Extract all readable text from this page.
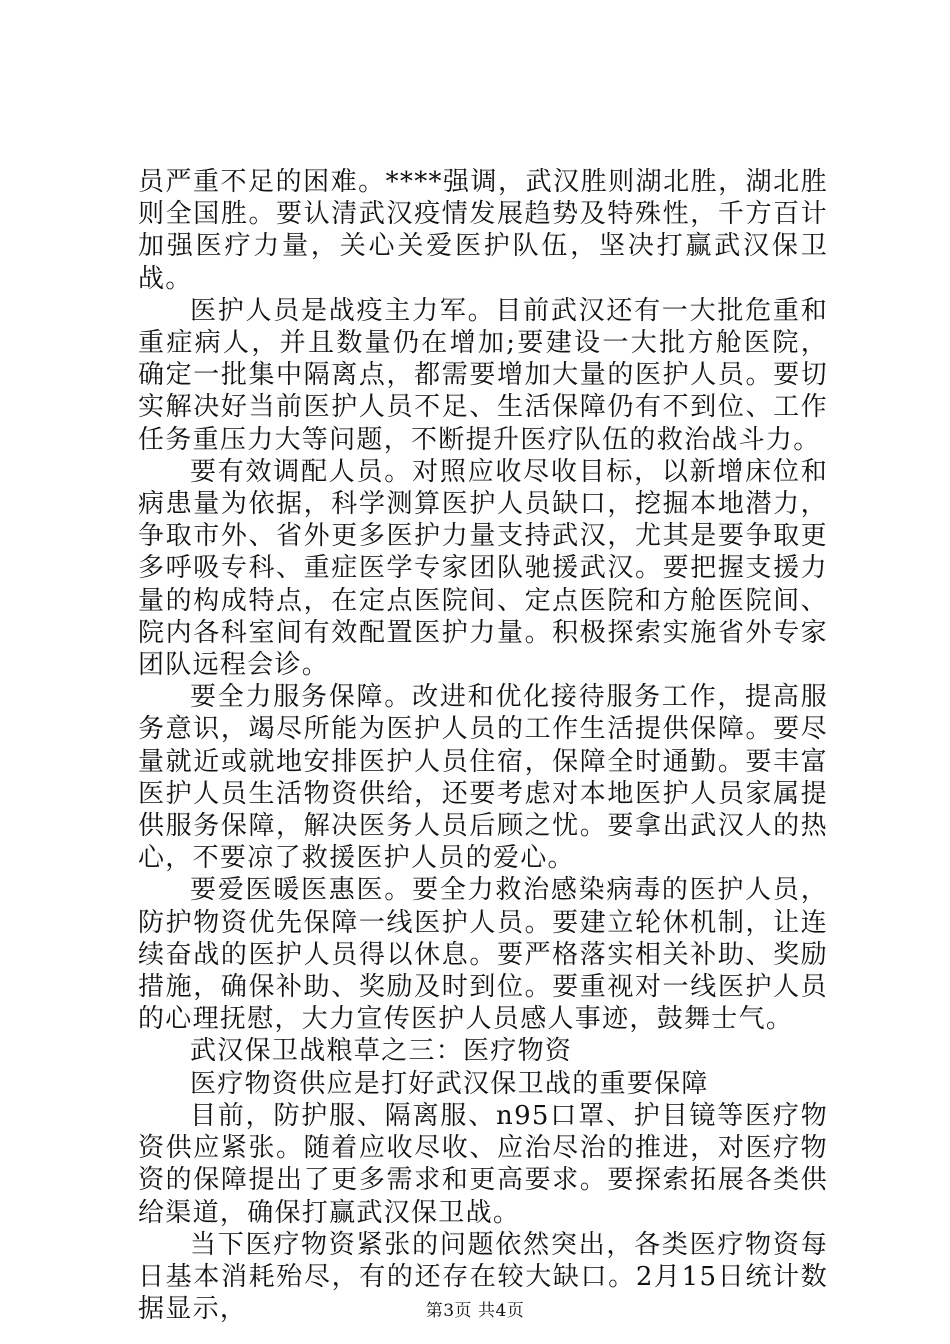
员严重不足的困难。****强调，武汉胜则湖北胜，湖北胜则全国胜。要认清武汉疫情发展趋势及特殊性，千方百计加强医疗力量，关心关爱医护队伍，坚决打赢武汉保卫战。

医护人员是战疫主力军。目前武汉还有一大批危重和重症病人，并且数量仍在增加;要建设一大批方舱医院，确定一批集中隔离点，都需要增加大量的医护人员。要切实解决好当前医护人员不足、生活保障仍有不到位、工作任务重压力大等问题，不断提升医疗队伍的救治战斗力。

要有效调配人员。对照应收尽收目标，以新增床位和病患量为依据，科学测算医护人员缺口，挖掘本地潜力，争取市外、省外更多医护力量支持武汉，尤其是要争取更多呼吸专科、重症医学专家团队驰援武汉。要把握支援力量的构成特点，在定点医院间、定点医院和方舱医院间、院内各科室间有效配置医护力量。积极探索实施省外专家团队远程会诊。

要全力服务保障。改进和优化接待服务工作，提高服务意识，竭尽所能为医护人员的工作生活提供保障。要尽量就近或就地安排医护人员住宿，保障全时通勤。要丰富医护人员生活物资供给，还要考虑对本地医护人员家属提供服务保障，解决医务人员后顾之忧。要拿出武汉人的热心，不要凉了救援医护人员的爱心。

要爱医暖医惠医。要全力救治感染病毒的医护人员，防护物资优先保障一线医护人员。要建立轮休机制，让连续奋战的医护人员得以休息。要严格落实相关补助、奖励措施，确保补助、奖励及时到位。要重视对一线医护人员的心理抚慰，大力宣传医护人员感人事迹，鼓舞士气。

武汉保卫战粮草之三：医疗物资

医疗物资供应是打好武汉保卫战的重要保障

目前，防护服、隔离服、n95口罩、护目镜等医疗物资供应紧张。随着应收尽收、应治尽治的推进，对医疗物资的保障提出了更多需求和更高要求。要探索拓展各类供给渠道，确保打赢武汉保卫战。

当下医疗物资紧张的问题依然突出，各类医疗物资每日基本消耗殆尽，有的还存在较大缺口。2月15日统计数据显示，	第3页 共4页
